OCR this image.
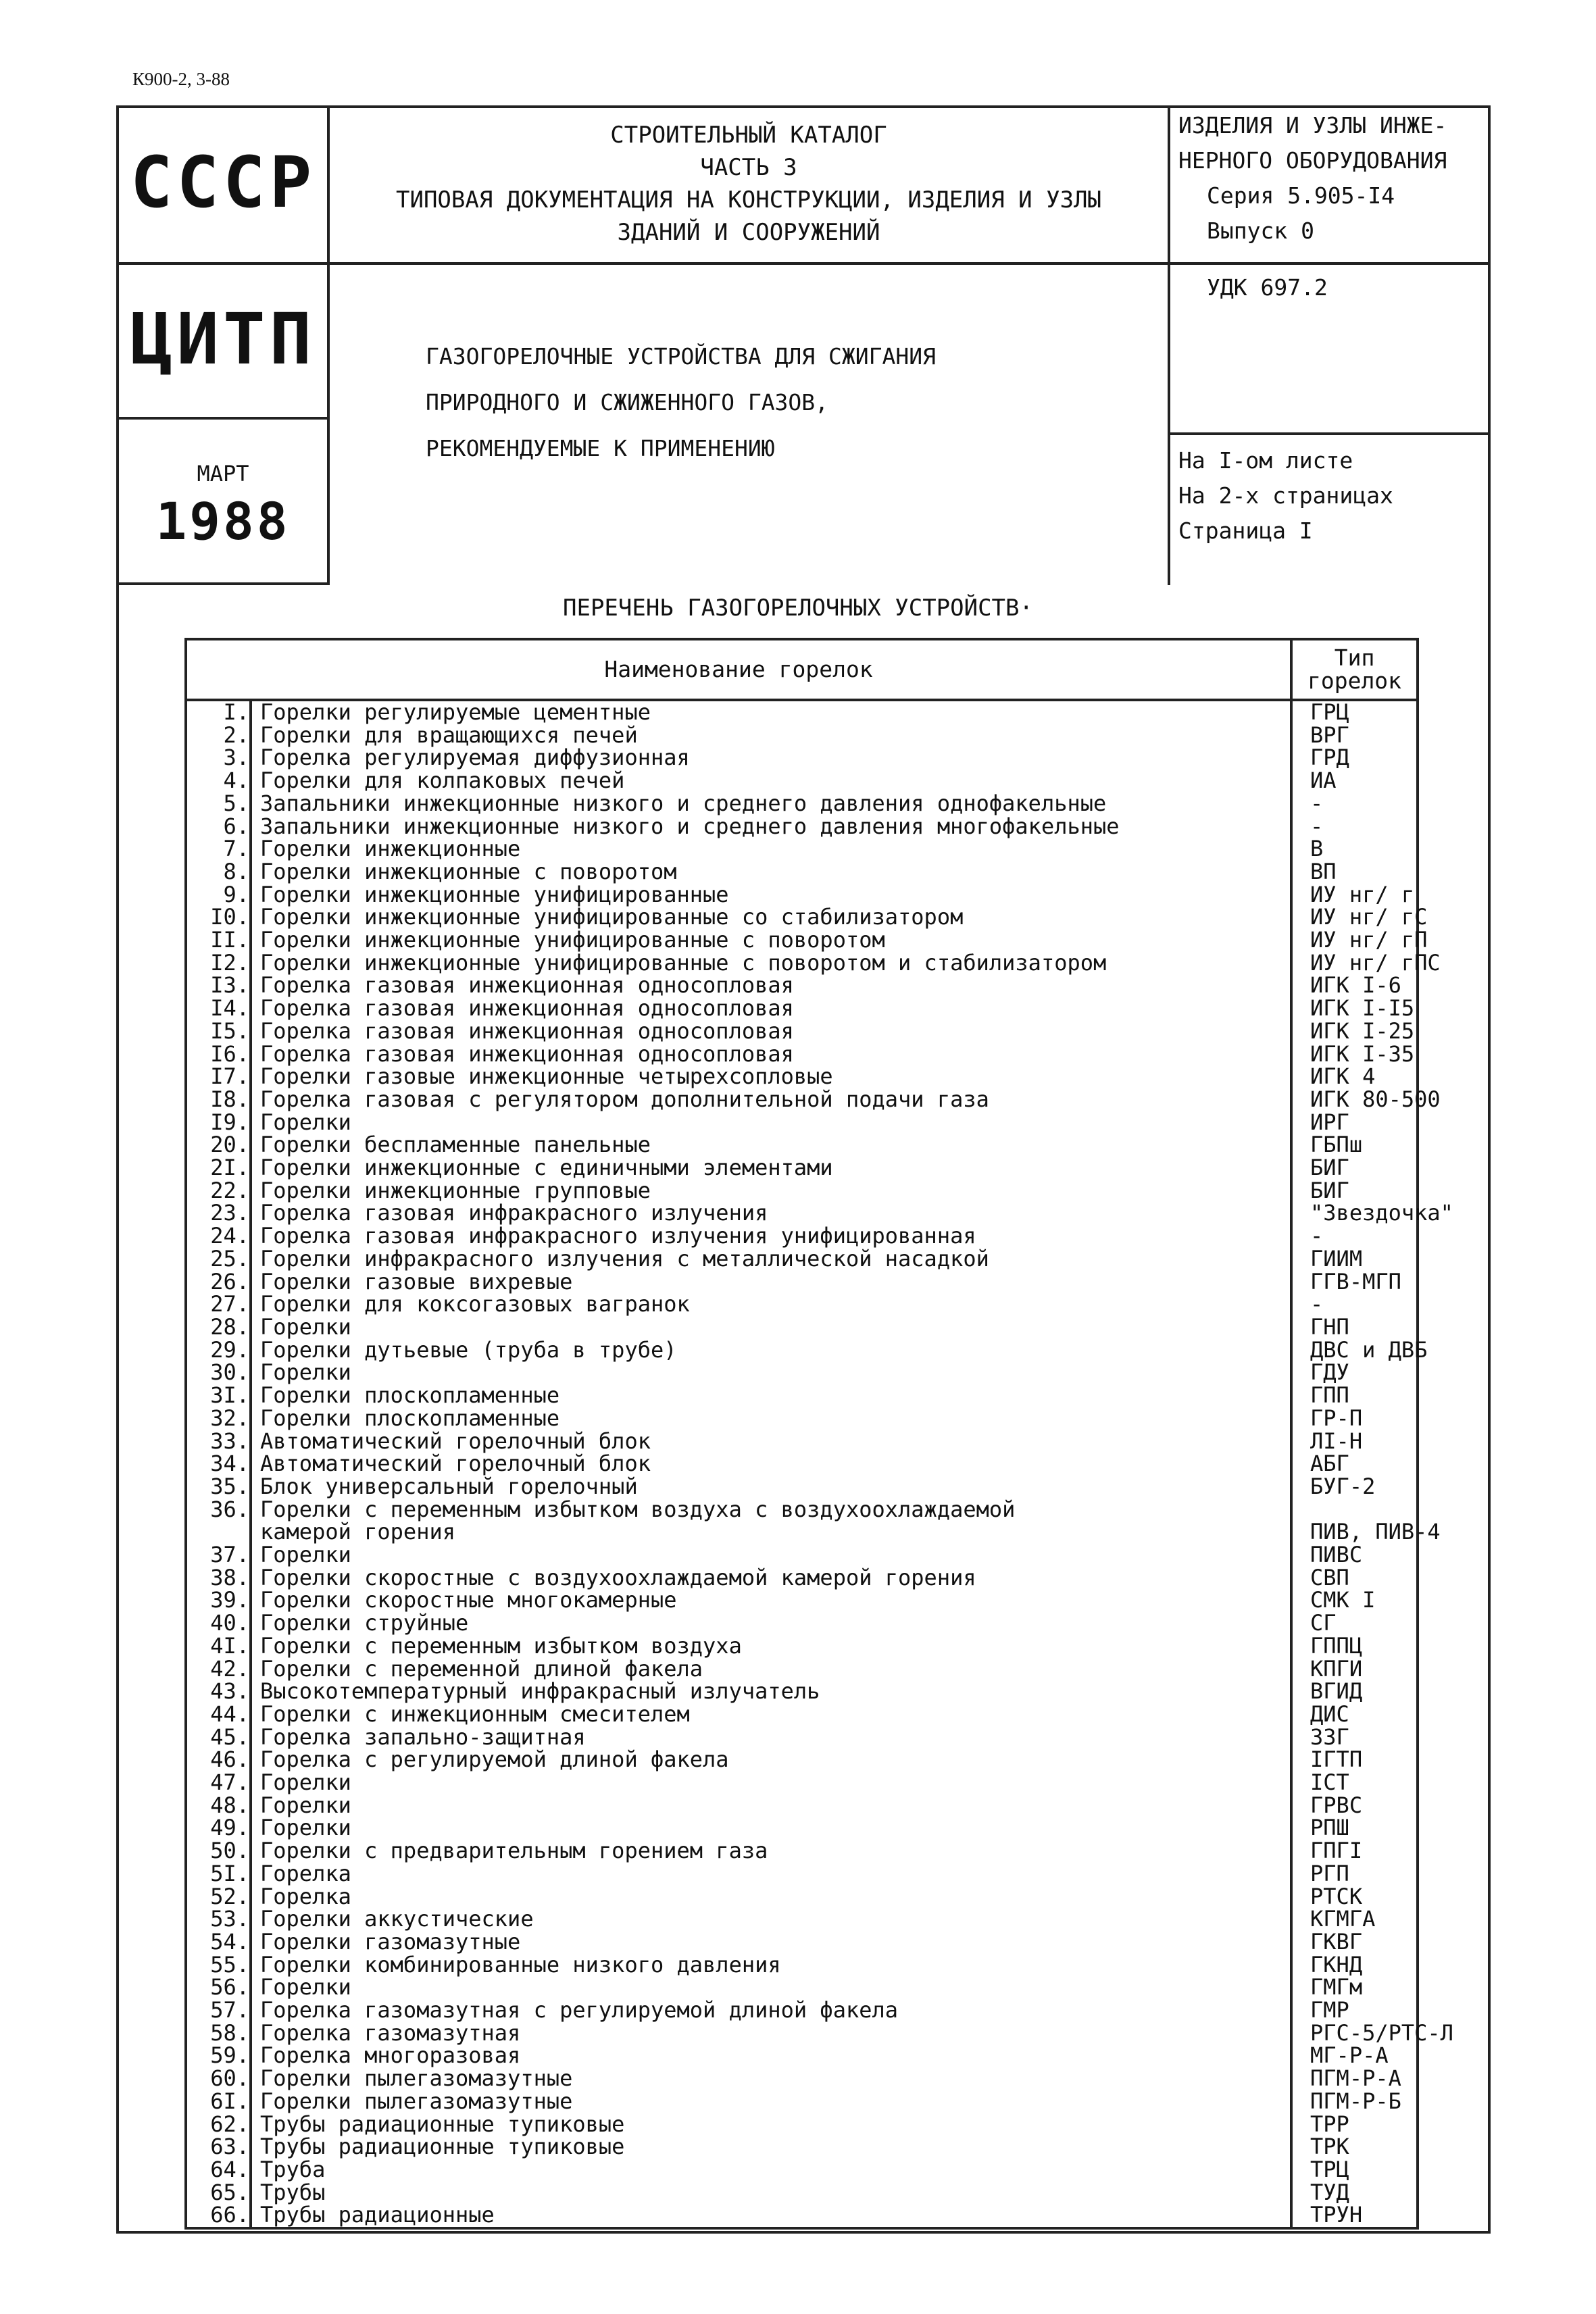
К900-2, 3-88
СССР
ЦИТП
МАРТ
1988
СТРОИТЕЛЬНЫЙ КАТАЛОГ
ЧАСТЬ 3
ТИПОВАЯ ДОКУМЕНТАЦИЯ НА КОНСТРУКЦИИ, ИЗДЕЛИЯ И УЗЛЫ
ЗДАНИЙ И СООРУЖЕНИЙ
ИЗДЕЛИЯ И УЗЛЫ ИНЖЕ-
НЕРНОГО ОБОРУДОВАНИЯ
Серия 5.905-I4
Выпуск 0
УДК 697.2
ГАЗОГОРЕЛОЧНЫЕ УСТРОЙСТВА ДЛЯ СЖИГАНИЯ
ПРИРОДНОГО И СЖИЖЕННОГО ГАЗОВ,
РЕКОМЕНДУЕМЫЕ К ПРИМЕНЕНИЮ	На I-ом листе
На 2-х страницах
Страница I
ПЕРЕЧЕНЬ ГАЗОГОРЕЛОЧНЫХ УСТРОЙСТВ·
Наименование горелок		Тип
горелок

I.	Горелки регулируемые цементные	ГРЦ
2.	Горелки для вращающихся печей	ВРГ
3.	Горелка регулируемая диффузионная	ГРД
4.	Горелки для колпаковых печей	ИА
5.	Запальники инжекционные низкого и среднего давления однофакельные	-
6.	Запальники инжекционные низкого и среднего давления многофакельные	-
7.	Горелки инжекционные	В
8.	Горелки инжекционные с поворотом	ВП
9.	Горелки инжекционные унифицированные	ИУ нг/ г
I0.	Горелки инжекционные унифицированные со стабилизатором	ИУ нг/ гС
II.	Горелки инжекционные унифицированные с поворотом	ИУ нг/ гП
I2.	Горелки инжекционные унифицированные с поворотом и стабилизатором	ИУ нг/ гПС
I3.	Горелка газовая инжекционная односопловая	ИГК I-6
I4.	Горелка газовая инжекционная односопловая	ИГК I-I5
I5.	Горелка газовая инжекционная односопловая	ИГК I-25
I6.	Горелка газовая инжекционная односопловая	ИГК I-35
I7.	Горелки газовые инжекционные четырехсопловые	ИГК 4
I8.	Горелка газовая с регулятором дополнительной подачи газа	ИГК 80-500
I9.	Горелки	ИРГ
20.	Горелки беспламенные панельные	ГБПш
2I.	Горелки инжекционные с единичными элементами	БИГ
22.	Горелки инжекционные групповые	БИГ
23.	Горелка газовая инфракрасного излучения	"Звездочка"
24.	Горелка газовая инфракрасного излучения унифицированная	-
25.	Горелки инфракрасного излучения с металлической насадкой	ГИИМ
26.	Горелки газовые вихревые	ГГВ-МГП
27.	Горелки для коксогазовых вагранок	-
28.	Горелки	ГНП
29.	Горелки дутьевые (труба в трубе)	ДВС и ДВБ
30.	Горелки	ГДУ
3I.	Горелки плоскопламенные	ГПП
32.	Горелки плоскопламенные	ГР-П
33.	Автоматический горелочный блок	ЛI-Н
34.	Автоматический горелочный блок	АБГ
35.	Блок универсальный горелочный	БУГ-2
36.	Горелки с переменным избытком воздуха с воздухоохлаждаемой	
	камерой горения	ПИВ, ПИВ-4
37.	Горелки	ПИВС
38.	Горелки скоростные с воздухоохлаждаемой камерой горения	СВП
39.	Горелки скоростные многокамерные	СМК I
40.	Горелки струйные	СГ
4I.	Горелки с переменным избытком воздуха	ГППЦ
42.	Горелки с переменной длиной факела	КПГИ
43.	Высокотемпературный инфракрасный излучатель	ВГИД
44.	Горелки с инжекционным смесителем	ДИС
45.	Горелка запально-защитная	ЗЗГ
46.	Горелка с регулируемой длиной факела	IГТП
47.	Горелки	IСТ
48.	Горелки	ГРВС
49.	Горелки	РПШ
50.	Горелки с предварительным горением газа	ГПГI
5I.	Горелка	РГП
52.	Горелка	РТСК
53.	Горелки аккустические	КГМГА
54.	Горелки газомазутные	ГКВГ
55.	Горелки комбинированные низкого давления	ГКНД
56.	Горелки	ГМГм
57.	Горелка газомазутная с регулируемой длиной факела	ГМР
58.	Горелка газомазутная	РГС-5/РТС-Л
59.	Горелка многоразовая	МГ-Р-А
60.	Горелки пылегазомазутные	ПГМ-Р-А
6I.	Горелки пылегазомазутные	ПГМ-Р-Б
62.	Трубы радиационные тупиковые	ТРР
63.	Трубы радиационные тупиковые	ТРК
64.	Труба	ТРЦ
65.	Трубы	ТУД
66.	Трубы радиационные	ТРУН
